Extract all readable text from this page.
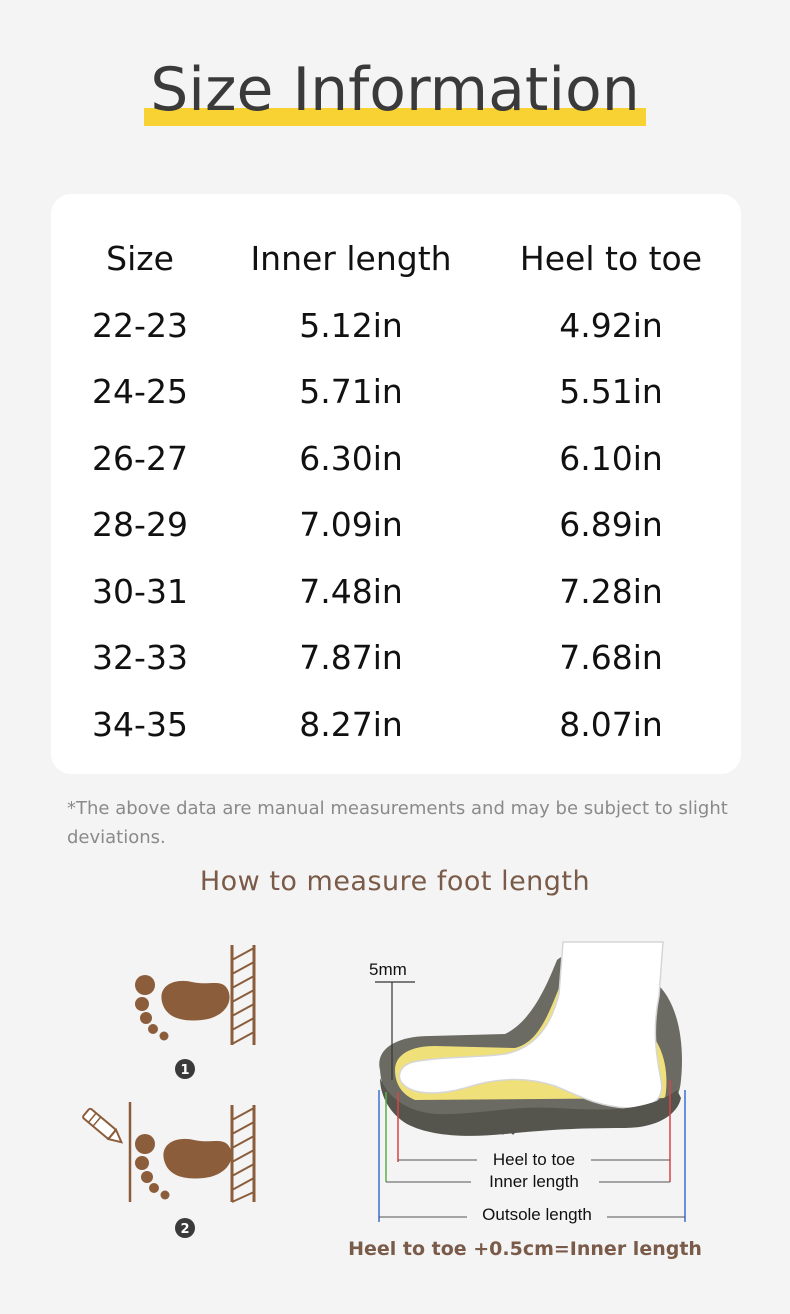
Size Information
Size	Inner length	Heel to toe
22-23	5.12in	4.92in
24-25	5.71in	5.51in
26-27	6.30in	6.10in
28-29	7.09in	6.89in
30-31	7.48in	7.28in
32-33	7.87in	7.68in
34-35	8.27in	8.07in
*The above data are manual measurements and may be subject to slight deviations.
How to measure foot length
1
2
5mm
Heel to toe
Inner length
Outsole length
Heel to toe +0.5cm=Inner length
